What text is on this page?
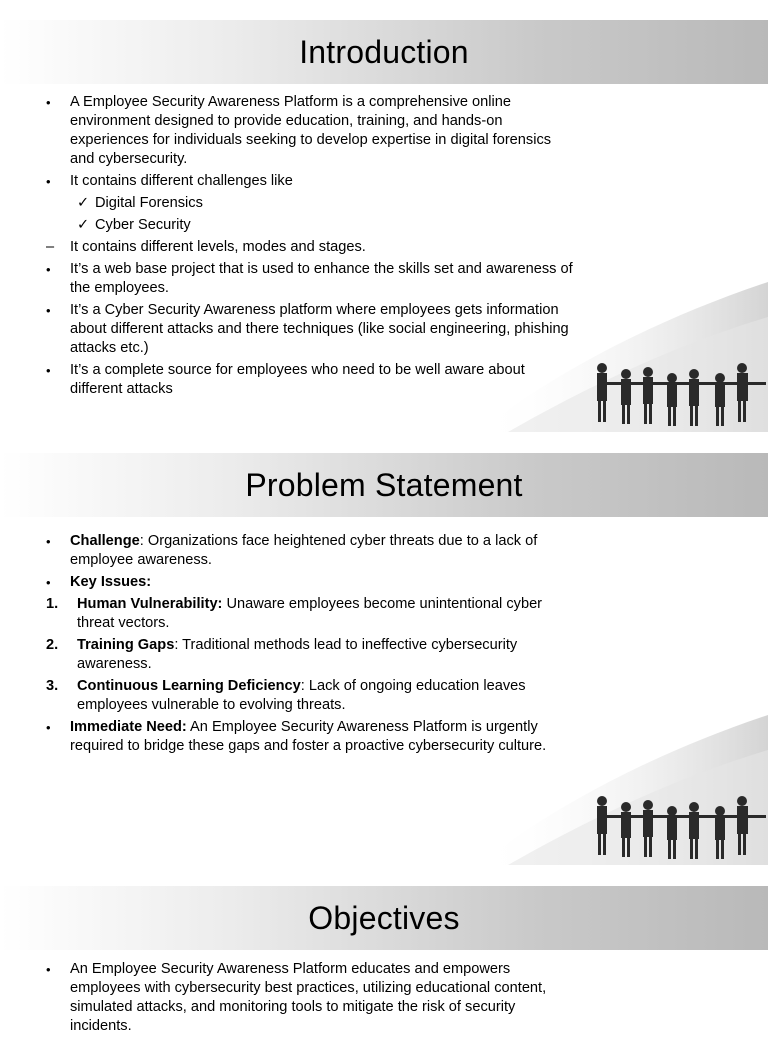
Introduction
•	A Employee Security Awareness Platform is a comprehensive online environment designed to provide education, training, and hands-on experiences for individuals seeking to develop expertise in digital forensics and cybersecurity.
•	It contains different challenges like
✓ Digital Forensics
✓ Cyber Security
–	It contains different levels, modes and stages.
•	It’s a web base project that is used to enhance the skills set and awareness of the employees.
•	It’s a Cyber Security Awareness platform where employees gets information about different attacks and there techniques (like social engineering, phishing attacks etc.)
•	It’s a complete source for employees who need to be well aware about different attacks
Problem Statement
•	Challenge: Organizations face heightened cyber threats due to a lack of employee awareness.
•	Key Issues:
1.	Human Vulnerability: Unaware employees become unintentional cyber threat vectors.
2.	Training Gaps: Traditional methods lead to ineffective cybersecurity awareness.
3.	Continuous Learning Deficiency: Lack of ongoing education leaves employees vulnerable to evolving threats.
•	Immediate Need: An Employee Security Awareness Platform is urgently required to bridge these gaps and foster a proactive cybersecurity culture.
Objectives
•	An Employee Security Awareness Platform educates and empowers employees with cybersecurity best practices, utilizing educational content, simulated attacks, and monitoring tools to mitigate the risk of security incidents.
